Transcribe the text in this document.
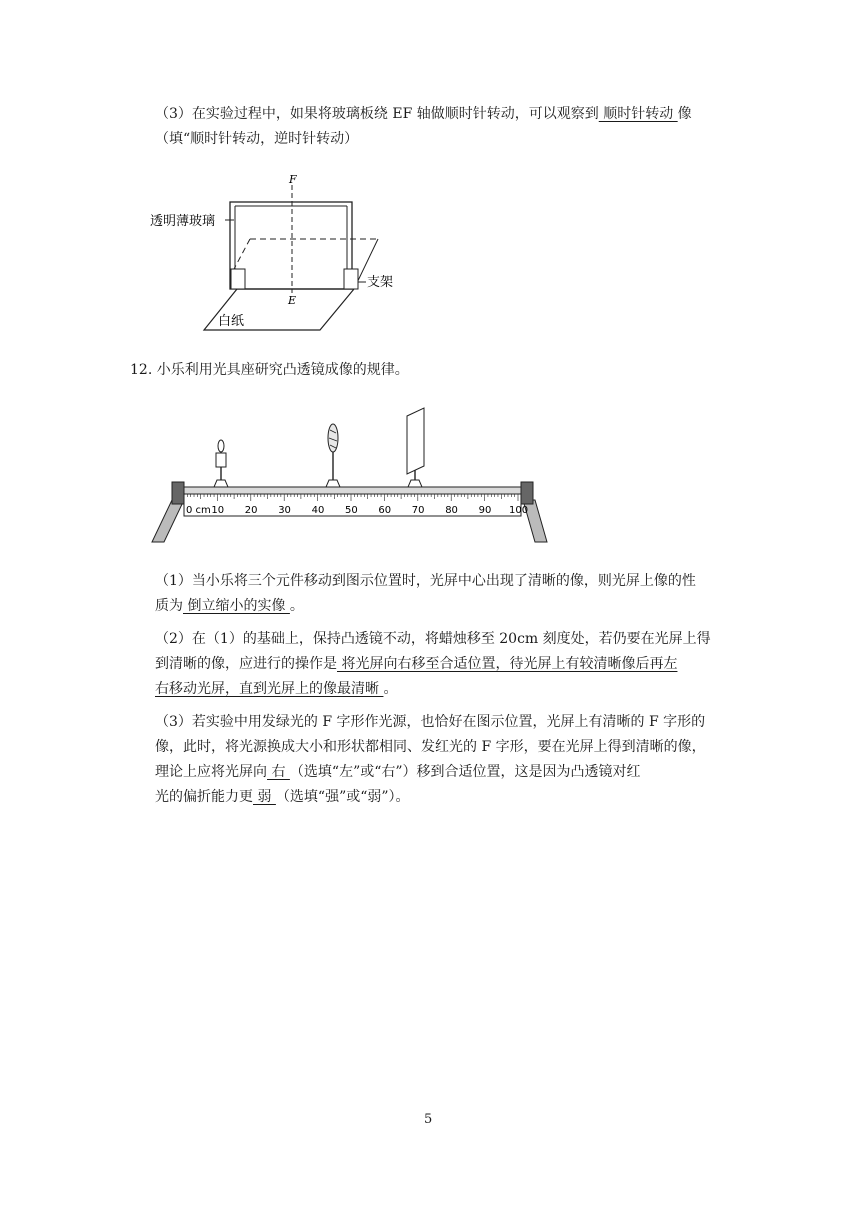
（3）在实验过程中，如果将玻璃板绕 EF 轴做顺时针转动，可以观察到 顺时针转动 像
（填“顺时针转动，逆时针转动）
F
E
透明薄玻璃
支架
白纸
12. 小乐利用光具座研究凸透镜成像的规律。
10 20 30 40 50 60 70 80 90 100
0 cm
（1）当小乐将三个元件移动到图示位置时，光屏中心出现了清晰的像，则光屏上像的性
质为 倒立缩小的实像 。
（2）在（1）的基础上，保持凸透镜不动，将蜡烛移至 20cm 刻度处，若仍要在光屏上得
到清晰的像，应进行的操作是 将光屏向右移至合适位置，待光屏上有较清晰像后再左
右移动光屏，直到光屏上的像最清晰 。
（3）若实验中用发绿光的 F 字形作光源，也恰好在图示位置，光屏上有清晰的 F 字形的
像，此时，将光源换成大小和形状都相同、发红光的 F 字形，要在光屏上得到清晰的像，
理论上应将光屏向 右 （选填“左”或“右”）移到合适位置，这是因为凸透镜对红
光的偏折能力更 弱 （选填“强”或“弱”）。
5
